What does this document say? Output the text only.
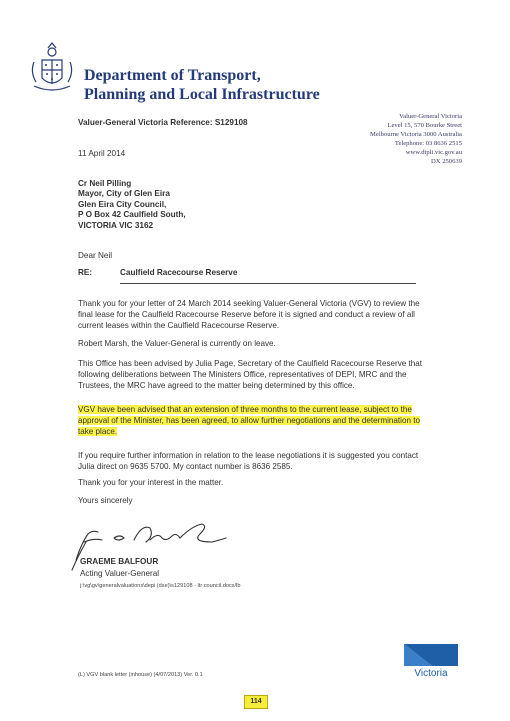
Department of Transport,
Planning and Local Infrastructure
Valuer-General Victoria Reference: S129108
Valuer-General Victoria
Level 15, 570 Bourke Street
Melbourne Victoria 3000 Australia
Telephone: 03 8636 2515
www.dtpli.vic.gov.au
DX 250639
11 April 2014
Cr Neil Pilling
Mayor, City of Glen Eira
Glen Eira City Council,
P O Box 42 Caulfield South,
VICTORIA VIC 3162
Dear Neil
RE:	Caulfield Racecourse Reserve

Thank you for your letter of 24 March 2014 seeking Valuer-General Victoria (VGV) to review the final lease for the Caulfield Racecourse Reserve before it is signed and conduct a review of all current leases within the Caulfield Racecourse Reserve.

Robert Marsh, the Valuer-General is currently on leave.

This Office has been advised by Julia Page, Secretary of the Caulfield Racecourse Reserve that following deliberations between The Ministers Office, representatives of DEPI, MRC and the Trustees, the MRC have agreed to the matter being determined by this office.

VGV have been advised that an extension of three months to the current lease, subject to the approval of the Minister, has been agreed, to allow further negotiations and the determination to take place.

If you require further information in relation to the lease negotiations it is suggested you contact Julia direct on 9635 5700. My contact number is 8636 2585.

Thank you for your interest in the matter.

Yours sincerely
GRAEME BALFOUR
Acting Valuer-General
j:\vg\gv\generalvaluations\depi (dse)\s129108 - ltr council.docx/lb
Victoria
(L) VGV blank letter (inhouse) (4/07/2013) Ver. 0.1
114
